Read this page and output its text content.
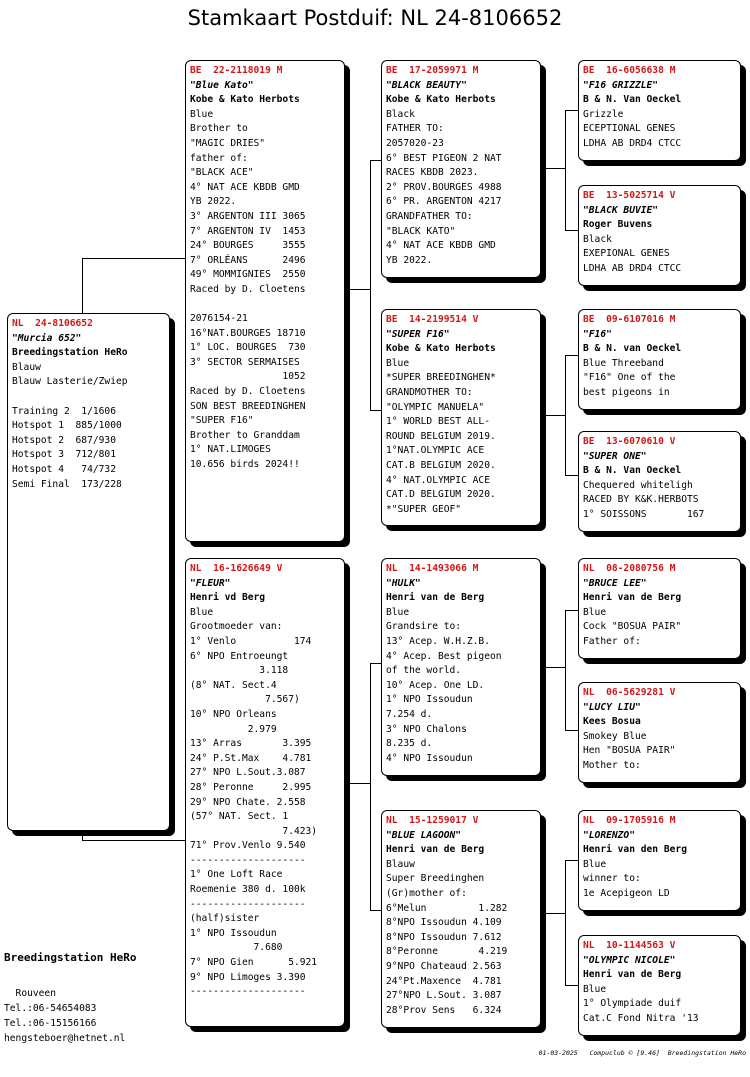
Stamkaart Postduif: NL 24-8106652
NL  24-8106652
"Murcia 652"
Breedingstation HeRo
Blauw
Blauw Lasterie/Zwiep

Training 2  1/1606
Hotspot 1  885/1000
Hotspot 2  687/930
Hotspot 3  712/801
Hotspot 4   74/732
Semi Final  173/228
BE  22-2118019 M
"Blue Kato"
Kobe & Kato Herbots
Blue
Brother to
"MAGIC DRIES"
father of:
"BLACK ACE"
4° NAT ACE KBDB GMD
YB 2022.
3° ARGENTON III 3065
7° ARGENTON IV  1453
24° BOURGES     3555
7° ORLÉANS      2496
49° MOMMIGNIES  2550
Raced by D. Cloetens

2076154-21
16°NAT.BOURGES 18710
1° LOC. BOURGES  730
3° SECTOR SERMAISES
1052
Raced by D. Cloetens
SON BEST BREEDINGHEN
"SUPER F16"
Brother to Granddam
1° NAT.LIMOGES
10.656 birds 2024!!
NL  16-1626649 V
"FLEUR"
Henri vd Berg
Blue
Grootmoeder van:
1° Venlo          174
6° NPO Entroeungt
3.118
(8° NAT. Sect.4
7.567)
10° NPO Orleans
2.979
13° Arras       3.395
24° P.St.Max    4.781
27° NPO L.Sout.3.087
28° Peronne     2.995
29° NPO Chate. 2.558
(57° NAT. Sect. 1
7.423)
71° Prov.Venlo 9.540
--------------------
1° One Loft Race
Roemenie 380 d. 100k
--------------------
(half)sister
1° NPO Issoudun
7.680
7° NPO Gien      5.921
9° NPO Limoges 3.390
--------------------
BE  17-2059971 M
"BLACK BEAUTY"
Kobe & Kato Herbots
Black
FATHER TO:
2057020-23
6° BEST PIGEON 2 NAT
RACES KBDB 2023.
2° PROV.BOURGES 4988
6° PR. ARGENTON 4217
GRANDFATHER TO:
"BLACK KATO"
4° NAT ACE KBDB GMD
YB 2022.
BE  14-2199514 V
"SUPER F16"
Kobe & Kato Herbots
Blue
*SUPER BREEDINGHEN*
GRANDMOTHER TO:
"OLYMPIC MANUELA"
1° WORLD BEST ALL-
ROUND BELGIUM 2019.
1°NAT.OLYMPIC ACE
CAT.B BELGIUM 2020.
4° NAT.OLYMPIC ACE
CAT.D BELGIUM 2020.
*"SUPER GEOF"
NL  14-1493066 M
"HULK"
Henri van de Berg
Blue
Grandsire to:
13° Acep. W.H.Z.B.
4° Acep. Best pigeon
of the world.
10° Acep. One LD.
1° NPO Issoudun
7.254 d.
3° NPO Chalons
8.235 d.
4° NPO Issoudun
NL  15-1259017 V
"BLUE LAGOON"
Henri van de Berg
Blauw
Super Breedinghen
(Gr)mother of:
6°Melun         1.282
8°NPO Issoudun 4.109
8°NPO Issoudun 7.612
8°Peronne       4.219
9°NPO Chateaud 2.563
24°Pt.Maxence  4.781
27°NPO L.Sout. 3.087
28°Prov Sens   6.324
BE  16-6056638 M
"F16 GRIZZLE"
B & N. Van Oeckel
Grizzle
ECEPTIONAL GENES
LDHA AB DRD4 CTCC
BE  13-5025714 V
"BLACK BUVIE"
Roger Buvens
Black
EXEPIONAL GENES
LDHA AB DRD4 CTCC
BE  09-6107016 M
"F16"
B & N. van Oeckel
Blue Threeband
"F16" One of the
best pigeons in
BE  13-6070610 V
"SUPER ONE"
B & N. Van Oeckel
Chequered whiteligh
RACED BY K&K.HERBOTS
1° SOISSONS       167
NL  08-2080756 M
"BRUCE LEE"
Henri van de Berg
Blue
Cock "BOSUA PAIR"
Father of:
NL  06-5629281 V
"LUCY LIU"
Kees Bosua
Smokey Blue
Hen "BOSUA PAIR"
Mother to:
NL  09-1705916 M
"LORENZO"
Henri van den Berg
Blue
winner to:
1e Acepigeon LD
NL  10-1144563 V
"OLYMPIC NICOLE"
Henri van de Berg
Blue
1° Olympiade duif
Cat.C Fond Nitra '13
Breedingstation HeRo
Rouveen
Tel.:06-54654083
Tel.:06-15156166
hengsteboer@hetnet.nl
01-03-2025   Compuclub © [9.46]  Breedingstation HeRo
